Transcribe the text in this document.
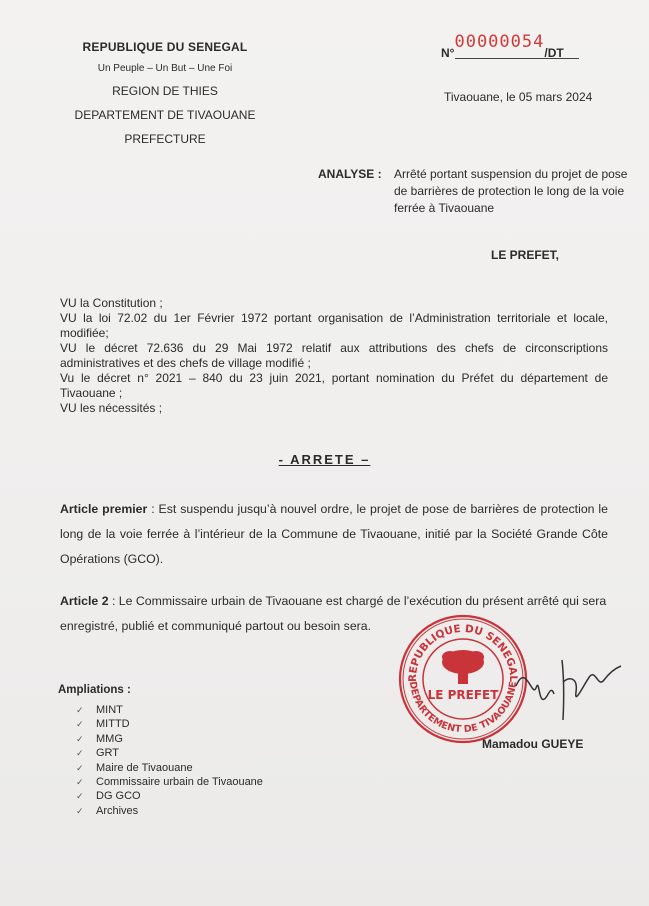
REPUBLIQUE DU SENEGAL
Un Peuple – Un But – Une Foi
REGION DE THIES
DEPARTEMENT DE TIVAOUANE
PREFECTURE
N°00000054/DT
Tivaouane, le 05 mars 2024
ANALYSE : Arrêté portant suspension du projet de pose de barrières de protection le long de la voie ferrée à Tivaouane
LE PREFET,

VU la Constitution ;

VU la loi 72.02 du 1er Février 1972 portant organisation de l’Administration territoriale et locale, modifiée;

VU le décret 72.636 du 29 Mai 1972 relatif aux attributions des chefs de circonscriptions administratives et des chefs de village modifié ;

Vu le décret n° 2021 – 840 du 23 juin 2021, portant nomination du Préfet du département de Tivaouane ;

VU les nécessités ;

- ARRETE –
Article premier : Est suspendu jusqu’à nouvel ordre, le projet de pose de barrières de protection le long de la voie ferrée à l’intérieur de la Commune de Tivaouane, initié par la Société Grande Côte Opérations (GCO).
Article 2 : Le Commissaire urbain de Tivaouane est chargé de l’exécution du présent arrêté qui sera enregistré, publié et communiqué partout ou besoin sera.
Ampliations :
✓ MINT
✓ MITTD
✓ MMG
✓ GRT
✓ Maire de Tivaouane
✓ Commissaire urbain de Tivaouane
✓ DG GCO
✓ Archives
REPUBLIQUE DU SENEGAL
DEPARTEMENT DE TIVAOUANE
LE PREFET
Mamadou GUEYE
